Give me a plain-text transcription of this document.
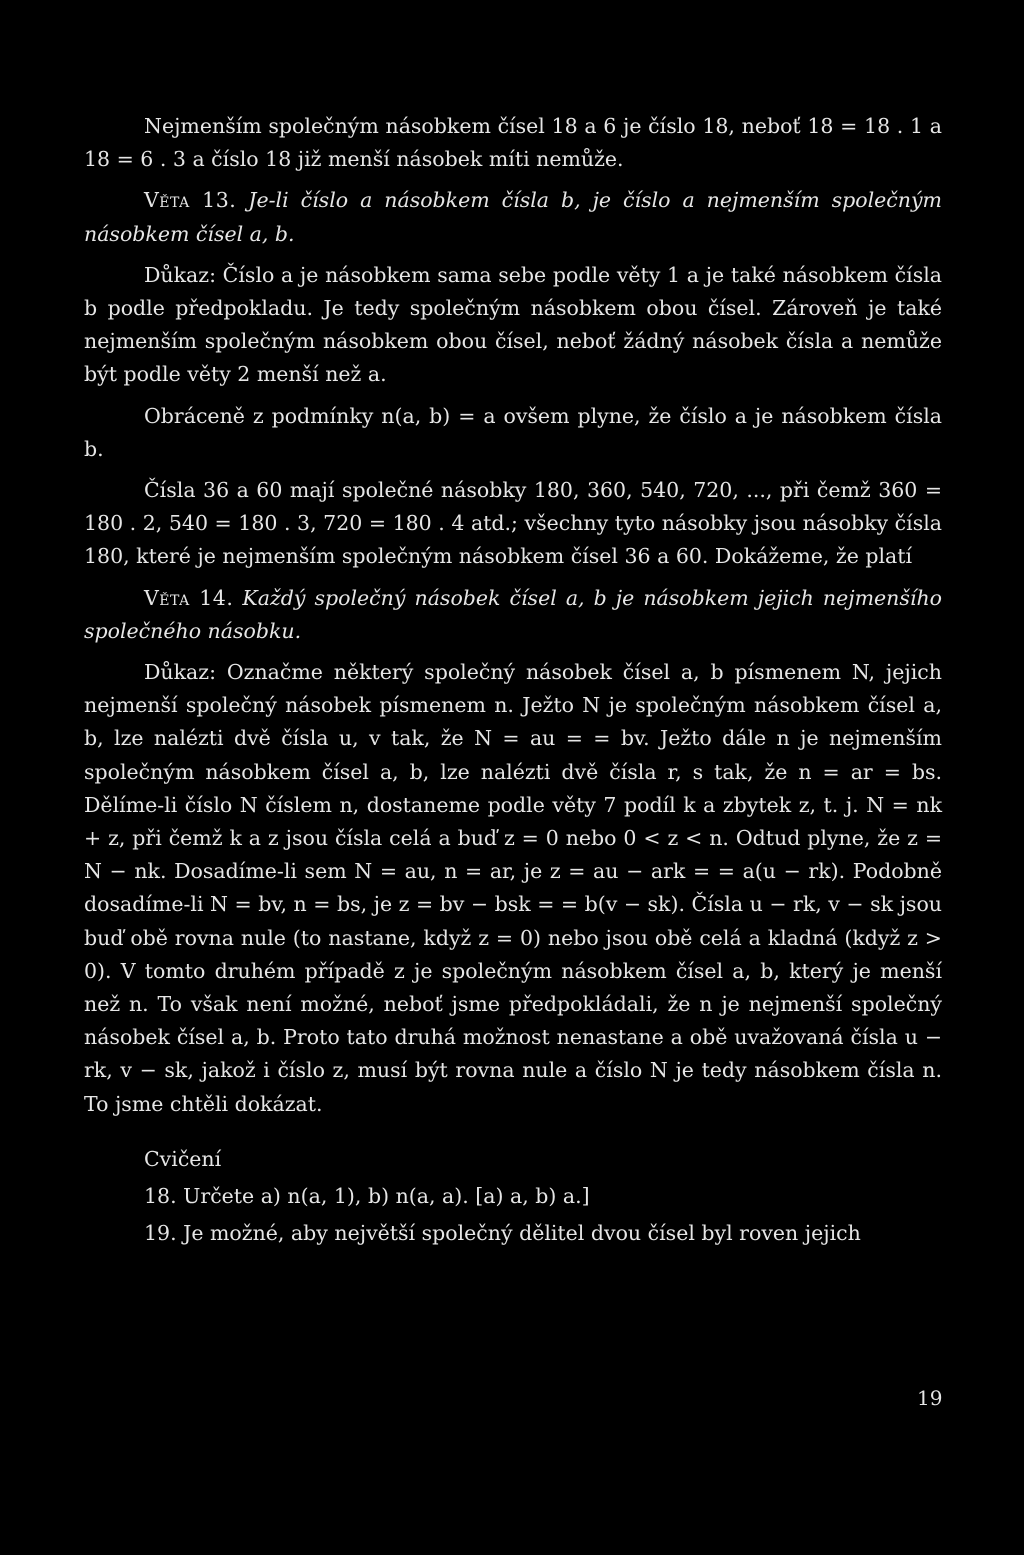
Nejmenším společným násobkem čísel 18 a 6 je číslo 18, neboť 18 = 18 . 1 a 18 = 6 . 3 a číslo 18 již menší násobek míti nemůže.

Věta 13. Je-li číslo a násobkem čísla b, je číslo a nejmenším společným násobkem čísel a, b.

Důkaz: Číslo a je násobkem sama sebe podle věty 1 a je také násobkem čísla b podle předpokladu. Je tedy společným násobkem obou čísel. Zároveň je také nejmenším společným násobkem obou čísel, neboť žádný násobek čísla a nemůže být podle věty 2 menší než a.

Obráceně z podmínky n(a, b) = a ovšem plyne, že číslo a je násobkem čísla b.

Čísla 36 a 60 mají společné násobky 180, 360, 540, 720, ..., při čemž 360 = 180 . 2, 540 = 180 . 3, 720 = 180 . 4 atd.; všechny tyto násobky jsou násobky čísla 180, které je nejmenším společným násobkem čísel 36 a 60. Dokážeme, že platí

Věta 14. Každý společný násobek čísel a, b je násobkem jejich nejmenšího společného násobku.

Důkaz: Označme některý společný násobek čísel a, b písmenem N, jejich nejmenší společný násobek písmenem n. Ježto N je společným násobkem čísel a, b, lze nalézti dvě čísla u, v tak, že N = au = = bv. Ježto dále n je nejmenším společným násobkem čísel a, b, lze nalézti dvě čísla r, s tak, že n = ar = bs. Dělíme-li číslo N číslem n, dostaneme podle věty 7 podíl k a zbytek z, t. j. N = nk + z, při čemž k a z jsou čísla celá a buď z = 0 nebo 0 < z < n. Odtud plyne, že z = N − nk. Dosadíme-li sem N = au, n = ar, je z = au − ark = = a(u − rk). Podobně dosadíme-li N = bv, n = bs, je z = bv − bsk = = b(v − sk). Čísla u − rk, v − sk jsou buď obě rovna nule (to nastane, když z = 0) nebo jsou obě celá a kladná (když z > 0). V tomto druhém případě z je společným násobkem čísel a, b, který je menší než n. To však není možné, neboť jsme předpokládali, že n je nejmenší společný násobek čísel a, b. Proto tato druhá možnost nenastane a obě uvažovaná čísla u − rk, v − sk, jakož i číslo z, musí být rovna nule a číslo N je tedy násobkem čísla n. To jsme chtěli dokázat.

Cvičení

18. Určete a) n(a, 1), b) n(a, a). [a) a, b) a.]

19. Je možné, aby největší společný dělitel dvou čísel byl roven jejich

19
